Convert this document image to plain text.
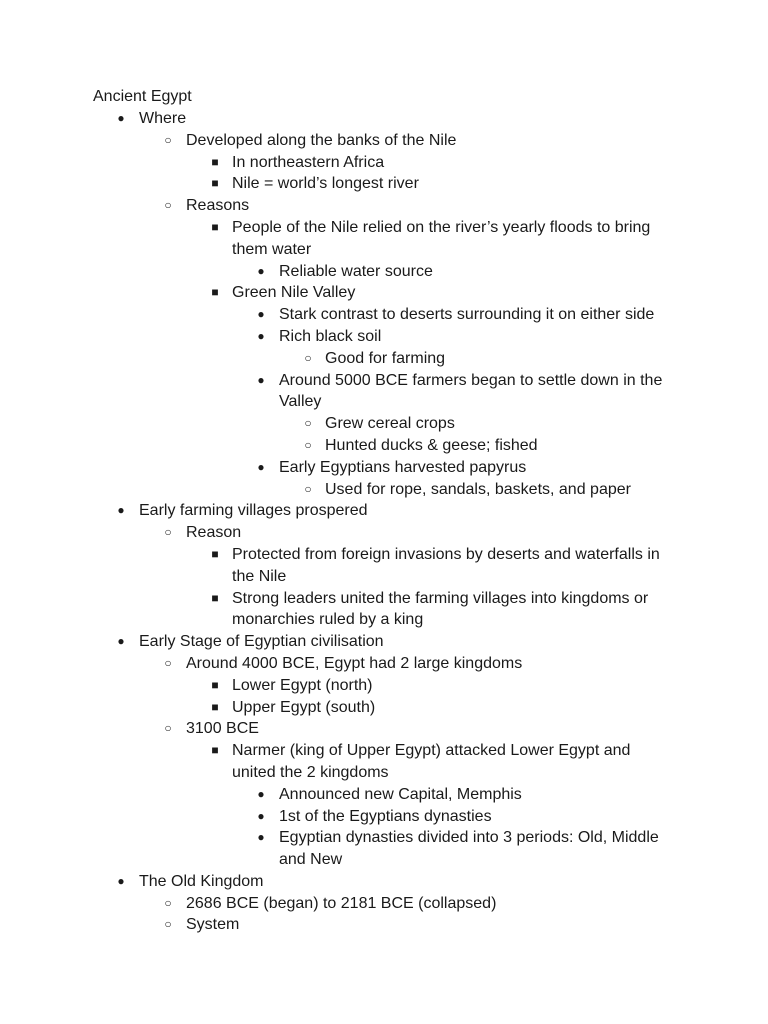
Ancient Egypt
● Where
○ Developed along the banks of the Nile
■ In northeastern Africa
■ Nile = world’s longest river
○ Reasons
■ People of the Nile relied on the river’s yearly floods to bring them water
● Reliable water source
■ Green Nile Valley
● Stark contrast to deserts surrounding it on either side
● Rich black soil
○ Good for farming
● Around 5000 BCE farmers began to settle down in the Valley
○ Grew cereal crops
○ Hunted ducks & geese; fished
● Early Egyptians harvested papyrus
○ Used for rope, sandals, baskets, and paper
● Early farming villages prospered
○ Reason
■ Protected from foreign invasions by deserts and waterfalls in the Nile
■ Strong leaders united the farming villages into kingdoms or monarchies ruled by a king
● Early Stage of Egyptian civilisation
○ Around 4000 BCE, Egypt had 2 large kingdoms
■ Lower Egypt (north)
■ Upper Egypt (south)
○ 3100 BCE
■ Narmer (king of Upper Egypt) attacked Lower Egypt and united the 2 kingdoms
● Announced new Capital, Memphis
● 1st of the Egyptians dynasties
● Egyptian dynasties divided into 3 periods: Old, Middle and New
● The Old Kingdom
○ 2686 BCE (began) to 2181 BCE (collapsed)
○ System
